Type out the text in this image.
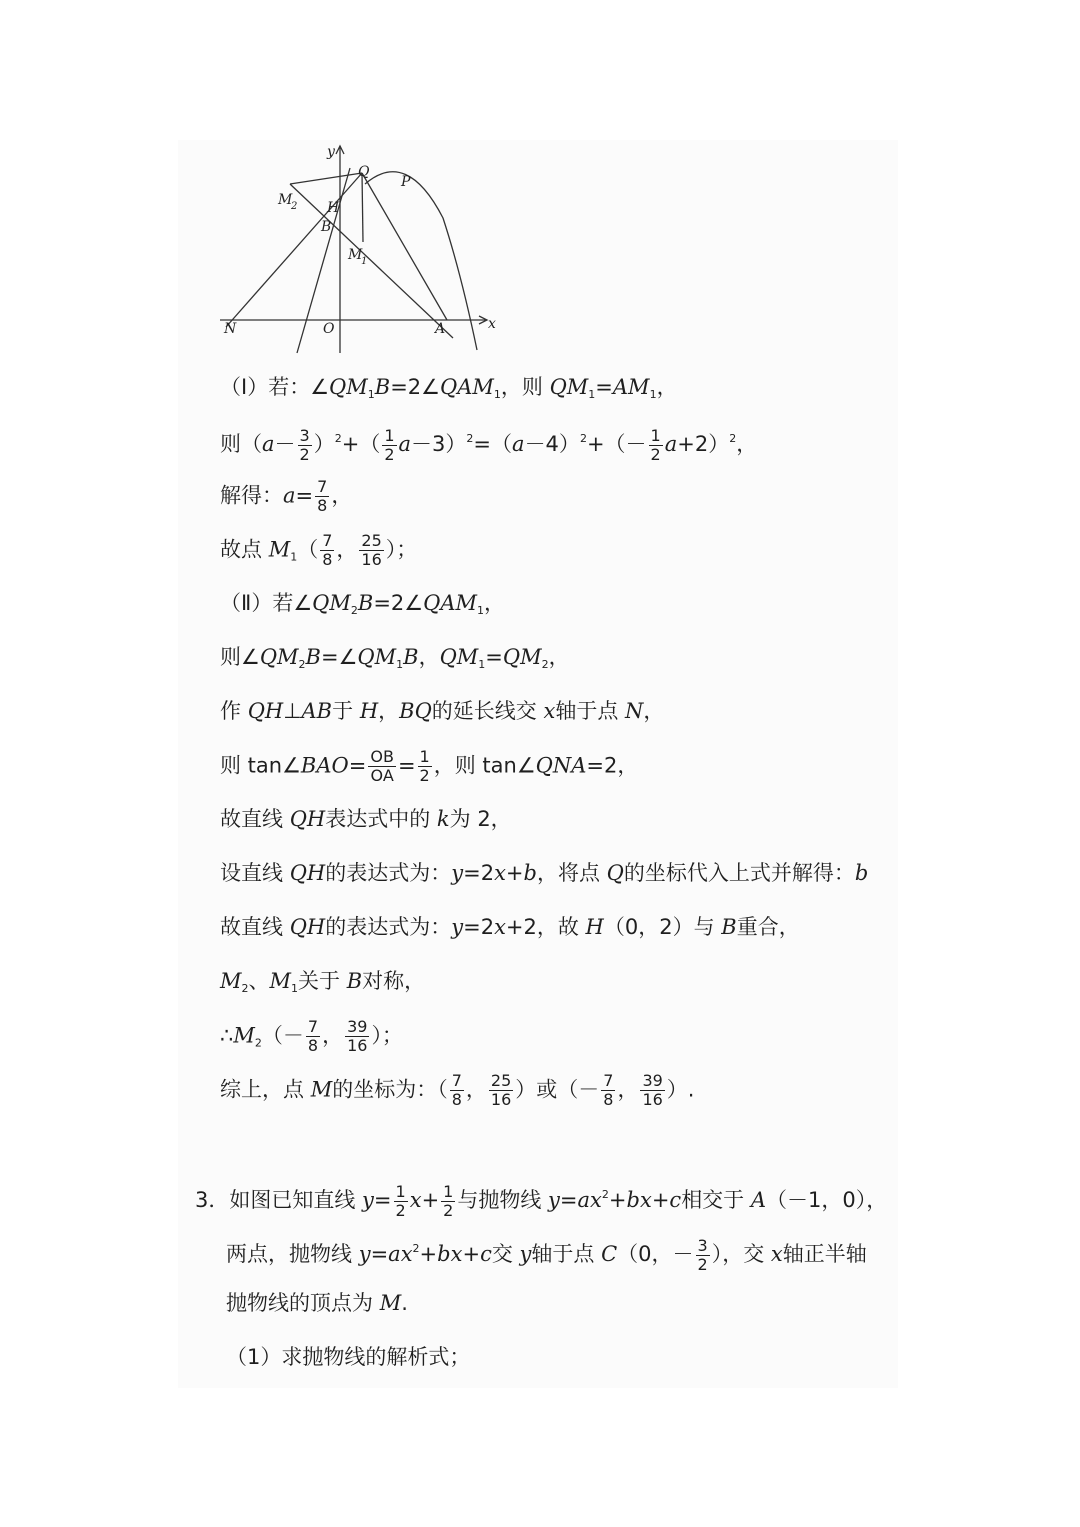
y
x
Q
P
M
2 H
B
M
1
N	O	A
（Ⅰ）若：$\angle QM_1B=2\angle QAM_1$，则 $QM_1=AM_1$，
则$(a- \frac{3}{2} )^2+( \frac{1}{2} a-3)^2=(a-4)^2+(- \frac{1}{2} a+2)^2$，
解得：$a= \frac{7}{8}$ ，
故点 $M_1( \frac{7}{8}$ ， $\frac{25}{16}$ ）；
（Ⅱ）若$\angle QM_2B=2\angle QAM_1$，
则$\angle QM_2B=\angle QM_1B$，$QM_1=QM_2$，
作 QH⊥AB于 H，BQ的延长线交 x轴于点 N，
则 tan∠BAO= $\frac{OB}{OA} = \frac{1}{2}$ ，则 tan∠QNA=2，
故直线 QH表达式中的 k为 2，
设直线 QH的表达式为：y=2x+b，将点 Q的坐标代入上式并解得：b
故直线 QH的表达式为：y=2x+2，故 H（0，2）与 B重合，
$M_2$、$M_1$关于 B对称，
$\therefore M_2(- \frac{7}{8}$ ， $\frac{39}{16}$ ）；
综上，点 M的坐标为：（ $\frac{7}{8}$ ， $\frac{25}{16}$ ）或（－ $\frac{7}{8}$ ， $\frac{39}{16}$ ）.
3．如图已知直线 $y= \frac{1}{2} x+ \frac{1}{2}$ 与抛物线 $y=ax^2+bx+c$相交于 A（－1，0），
两点，抛物线 $y=ax^2+bx+c$交 y轴于点 C（0，－ $\frac{3}{2}$ ），交 x轴正半轴
抛物线的顶点为 M.
（1）求抛物线的解析式；
